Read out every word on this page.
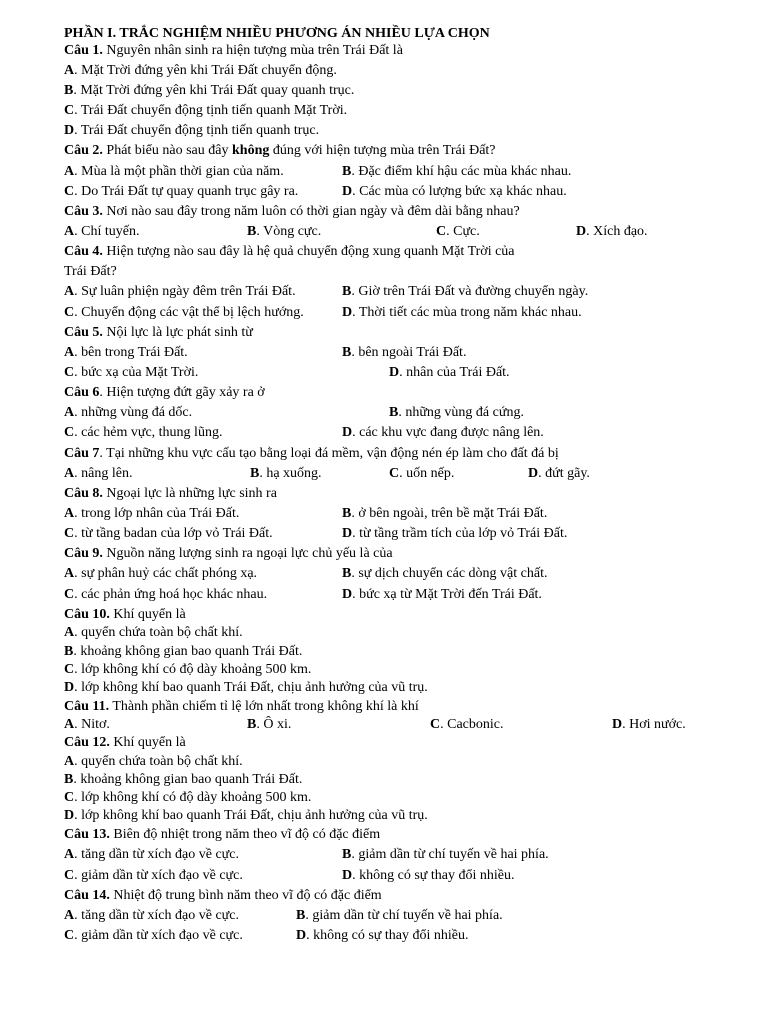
PHẦN I. TRẮC NGHIỆM NHIỀU PHƯƠNG ÁN NHIỀU LỰA CHỌN
Câu 1. Nguyên nhân sinh ra hiện tượng mùa trên Trái Đất là
A. Mặt Trời đứng yên khi Trái Đất chuyển động.
B. Mặt Trời đứng yên khi Trái Đất quay quanh trục.
C. Trái Đất chuyển động tịnh tiến quanh Mặt Trời.
D. Trái Đất chuyển động tịnh tiến quanh trục.
Câu 2. Phát biểu nào sau đây không đúng với hiện tượng mùa trên Trái Đất?
A. Mùa là một phần thời gian của năm.	B. Đặc điểm khí hậu các mùa khác nhau.
C. Do Trái Đất tự quay quanh trục gây ra.	D. Các mùa có lượng bức xạ khác nhau.
Câu 3. Nơi nào sau đây trong năm luôn có thời gian ngày và đêm dài bằng nhau?
A. Chí tuyến.	B. Vòng cực.	C. Cực.	D. Xích đạo.
Câu 4. Hiện tượng nào sau đây là hệ quả chuyển động xung quanh Mặt Trời của
Trái Đất?
A. Sự luân phiện ngày đêm trên Trái Đất.	B. Giờ trên Trái Đất và đường chuyển ngày.
C. Chuyển động các vật thể bị lệch hướng.	D. Thời tiết các mùa trong năm khác nhau.
Câu 5. Nội lực là lực phát sinh từ
A. bên trong Trái Đất.	B. bên ngoài Trái Đất.
C. bức xạ của Mặt Trời.	D. nhân của Trái Đất.
Câu 6. Hiện tượng đứt gãy xảy ra ở
A. những vùng đá dốc.	B. những vùng đá cứng.
C. các hẻm vực, thung lũng.	D. các khu vực đang được nâng lên.
Câu 7. Tại những khu vực cấu tạo bằng loại đá mềm, vận động nén ép làm cho đất đá bị
A. nâng lên.	B. hạ xuống.	C. uốn nếp.	D. đứt gãy.
Câu 8. Ngoại lực là những lực sinh ra
A. trong lớp nhân của Trái Đất.	B. ở bên ngoài, trên bề mặt Trái Đất.
C. từ tầng badan của lớp vỏ Trái Đất.	D. từ tầng trầm tích của lớp vỏ Trái Đất.
Câu 9. Nguồn năng lượng sinh ra ngoại lực chủ yếu là của
A. sự phân huỷ các chất phóng xạ.	B. sự dịch chuyển các dòng vật chất.
C. các phản ứng hoá học khác nhau.	D. bức xạ từ Mặt Trời đến Trái Đất.
Câu 10. Khí quyển là
A. quyển chứa toàn bộ chất khí.
B. khoảng không gian bao quanh Trái Đất.
C. lớp không khí có độ dày khoảng 500 km.
D. lớp không khí bao quanh Trái Đất, chịu ảnh hưởng của vũ trụ.
Câu 11. Thành phần chiếm tỉ lệ lớn nhất trong không khí là khí
A. Nitơ.	B. Ô xi.	C. Cacbonic.	D. Hơi nước.
Câu 12. Khí quyển là
A. quyển chứa toàn bộ chất khí.
B. khoảng không gian bao quanh Trái Đất.
C. lớp không khí có độ dày khoảng 500 km.
D. lớp không khí bao quanh Trái Đất, chịu ảnh hưởng của vũ trụ.
Câu 13. Biên độ nhiệt trong năm theo vĩ độ có đặc điểm
A. tăng dần từ xích đạo về cực.	B. giảm dần từ chí tuyến về hai phía.
C. giảm dần từ xích đạo về cực.	D. không có sự thay đổi nhiều.
Câu 14. Nhiệt độ trung bình năm theo vĩ độ có đặc điểm
A. tăng dần từ xích đạo về cực.	B. giảm dần từ chí tuyến về hai phía.
C. giảm dần từ xích đạo về cực.	D. không có sự thay đổi nhiều.
